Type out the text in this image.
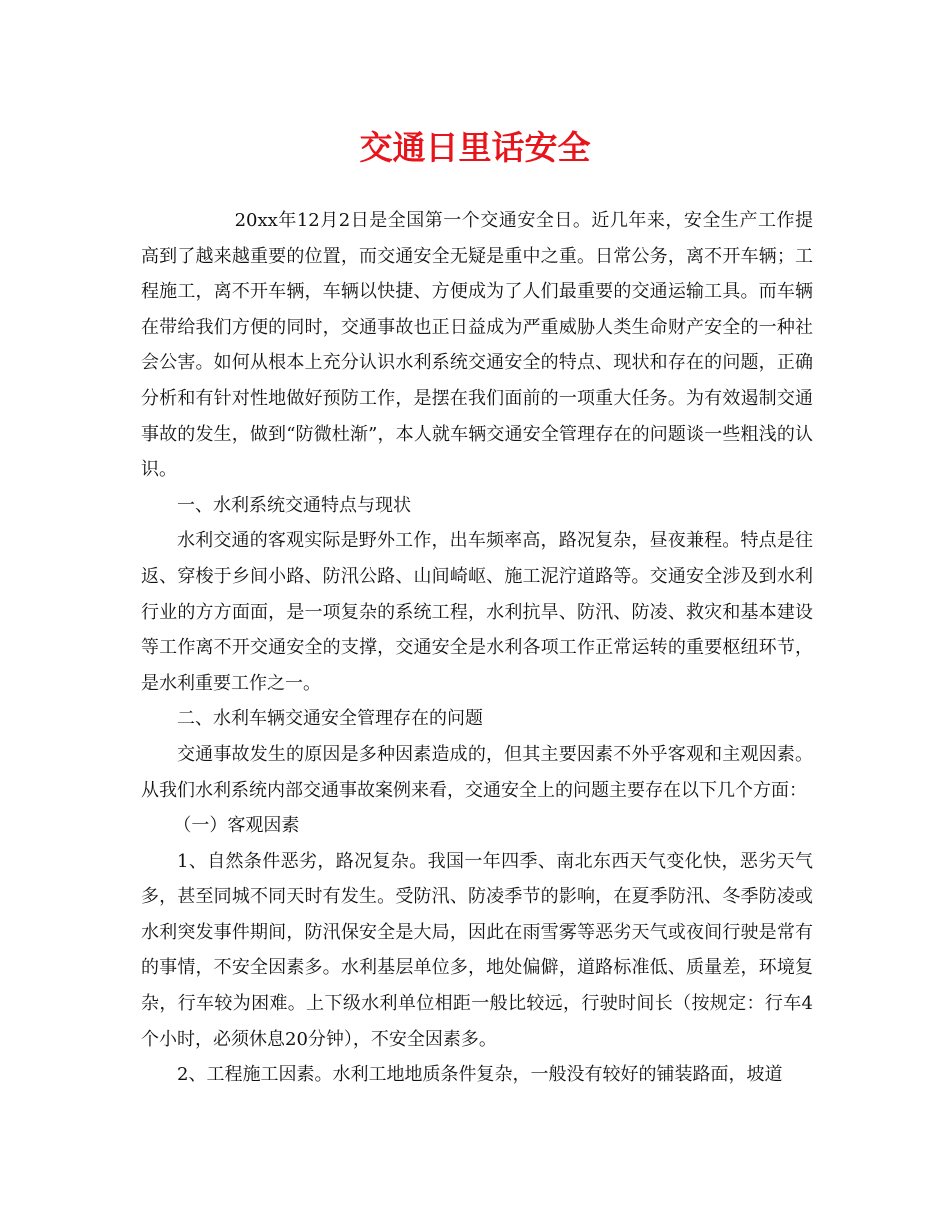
交通日里话安全

20xx年12月2日是全国第一个交通安全日。近几年来，安全生产工作提高到了越来越重要的位置，而交通安全无疑是重中之重。日常公务，离不开车辆；工程施工，离不开车辆，车辆以快捷、方便成为了人们最重要的交通运输工具。而车辆在带给我们方便的同时，交通事故也正日益成为严重威胁人类生命财产安全的一种社会公害。如何从根本上充分认识水利系统交通安全的特点、现状和存在的问题，正确分析和有针对性地做好预防工作，是摆在我们面前的一项重大任务。为有效遏制交通事故的发生，做到“防微杜渐”，本人就车辆交通安全管理存在的问题谈一些粗浅的认识。

一、水利系统交通特点与现状

水利交通的客观实际是野外工作，出车频率高，路况复杂，昼夜兼程。特点是往返、穿梭于乡间小路、防汛公路、山间崎岖、施工泥泞道路等。交通安全涉及到水利行业的方方面面，是一项复杂的系统工程，水利抗旱、防汛、防凌、救灾和基本建设等工作离不开交通安全的支撑，交通安全是水利各项工作正常运转的重要枢纽环节，是水利重要工作之一。

二、水利车辆交通安全管理存在的问题

交通事故发生的原因是多种因素造成的，但其主要因素不外乎客观和主观因素。从我们水利系统内部交通事故案例来看，交通安全上的问题主要存在以下几个方面：

（一）客观因素

1、自然条件恶劣，路况复杂。我国一年四季、南北东西天气变化快，恶劣天气多，甚至同城不同天时有发生。受防汛、防凌季节的影响，在夏季防汛、冬季防凌或水利突发事件期间，防汛保安全是大局，因此在雨雪雾等恶劣天气或夜间行驶是常有的事情，不安全因素多。水利基层单位多，地处偏僻，道路标准低、质量差，环境复杂，行车较为困难。上下级水利单位相距一般比较远，行驶时间长（按规定：行车4个小时，必须休息20分钟），不安全因素多。

2、工程施工因素。水利工地地质条件复杂，一般没有较好的铺装路面，坡道
